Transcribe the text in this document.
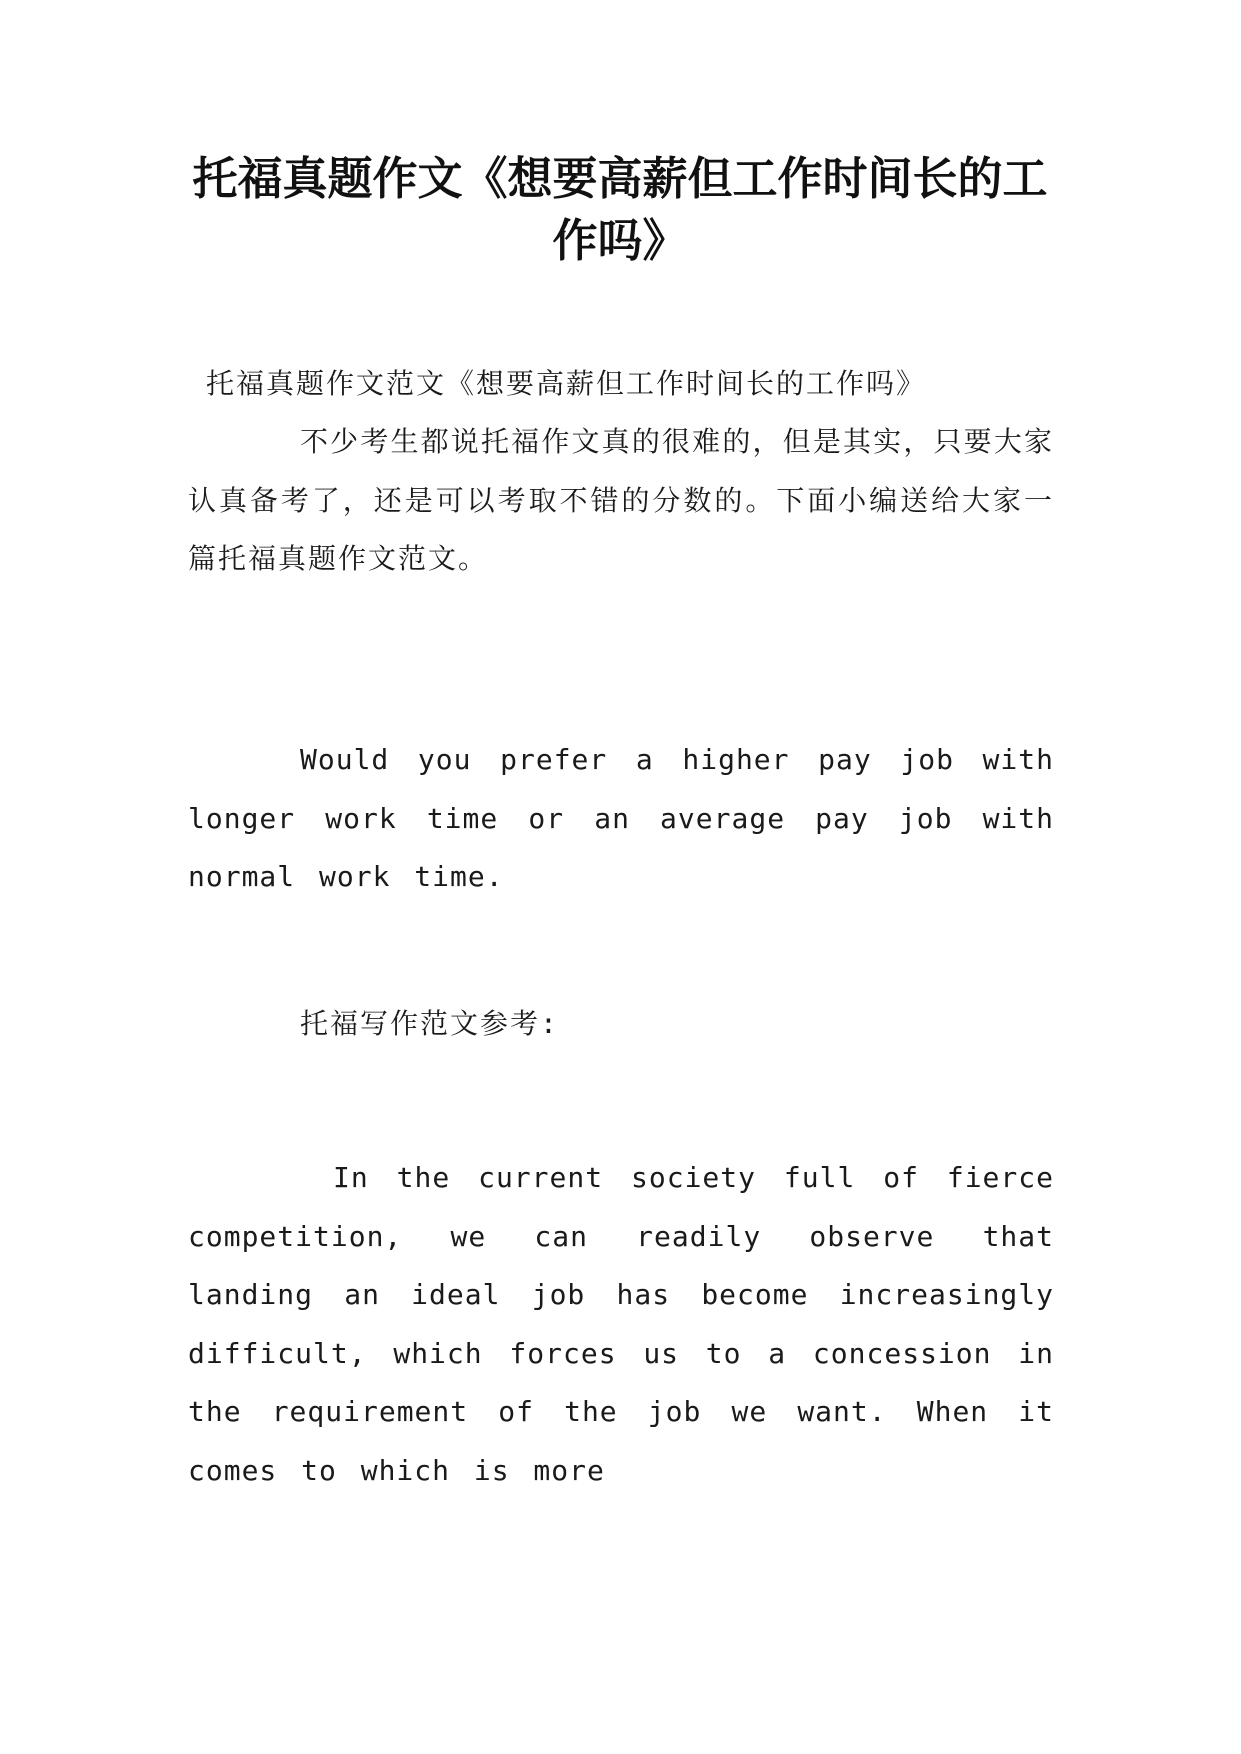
托福真题作文《想要高薪但工作时间长的工作吗》

托福真题作文范文《想要高薪但工作时间长的工作吗》

不少考生都说托福作文真的很难的，但是其实，只要大家认真备考了，还是可以考取不错的分数的。下面小编送给大家一篇托福真题作文范文。

Would you prefer a higher pay job with longer work time or an average pay job with normal work time.

托福写作范文参考:

In the current society full of fierce competition, we can readily observe that landing an ideal job has become increasingly difficult, which forces us to a concession in the requirement of the job we want. When it comes to which is more
